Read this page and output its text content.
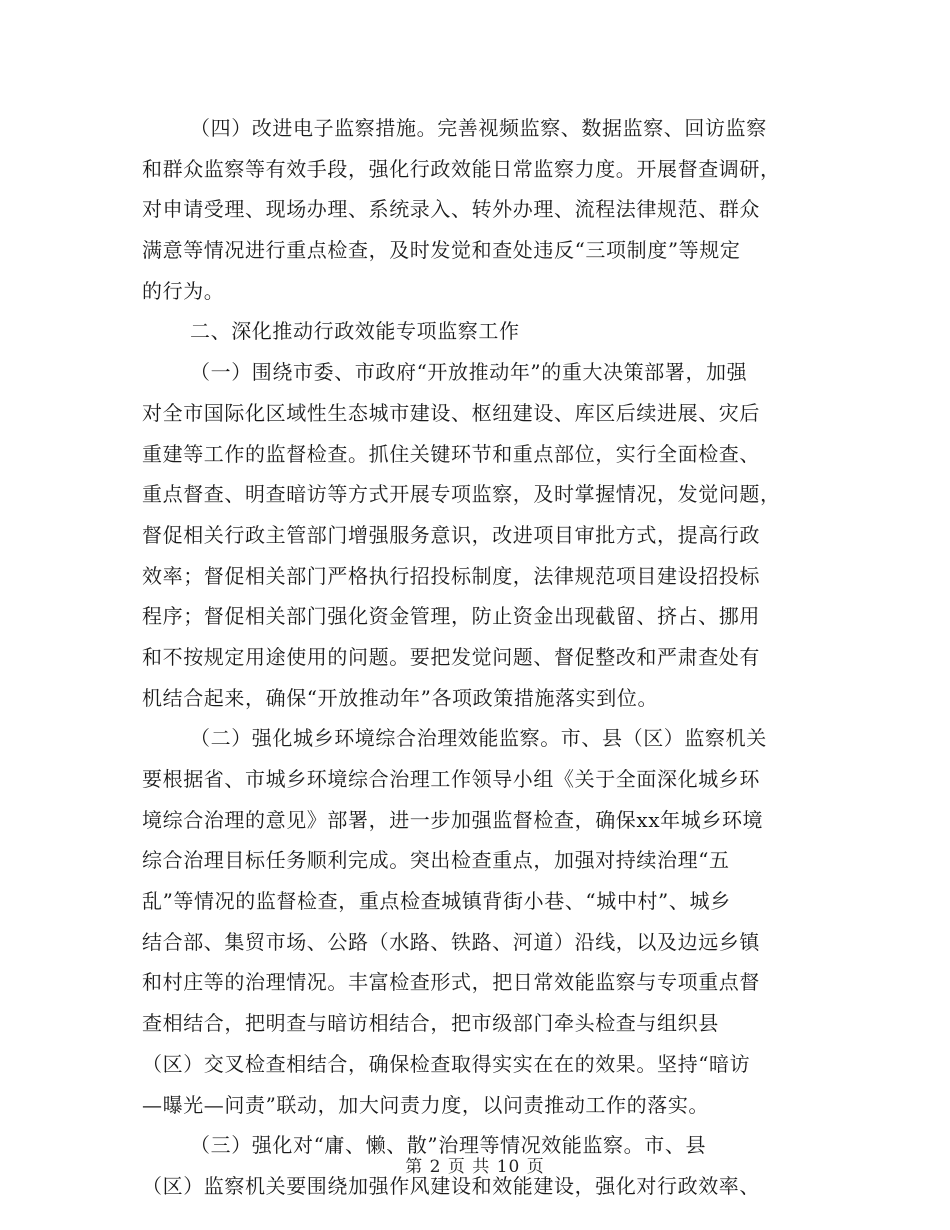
（四）改进电子监察措施。完善视频监察、数据监察、回访监察
和群众监察等有效手段，强化行政效能日常监察力度。开展督查调研，
对申请受理、现场办理、系统录入、转外办理、流程法律规范、群众
满意等情况进行重点检查，及时发觉和查处违反“三项制度”等规定
的行为。
二、深化推动行政效能专项监察工作
（一）围绕市委、市政府“开放推动年”的重大决策部署，加强
对全市国际化区域性生态城市建设、枢纽建设、库区后续进展、灾后
重建等工作的监督检查。抓住关键环节和重点部位，实行全面检查、
重点督查、明查暗访等方式开展专项监察，及时掌握情况，发觉问题，
督促相关行政主管部门增强服务意识，改进项目审批方式，提高行政
效率；督促相关部门严格执行招投标制度，法律规范项目建设招投标
程序；督促相关部门强化资金管理，防止资金出现截留、挤占、挪用
和不按规定用途使用的问题。要把发觉问题、督促整改和严肃查处有
机结合起来，确保“开放推动年”各项政策措施落实到位。
（二）强化城乡环境综合治理效能监察。市、县（区）监察机关
要根据省、市城乡环境综合治理工作领导小组《关于全面深化城乡环
境综合治理的意见》部署，进一步加强监督检查，确保xx年城乡环境
综合治理目标任务顺利完成。突出检查重点，加强对持续治理“五
乱”等情况的监督检查，重点检查城镇背街小巷、“城中村”、城乡
结合部、集贸市场、公路（水路、铁路、河道）沿线，以及边远乡镇
和村庄等的治理情况。丰富检查形式，把日常效能监察与专项重点督
查相结合，把明查与暗访相结合，把市级部门牵头检查与组织县
（区）交叉检查相结合，确保检查取得实实在在的效果。坚持“暗访
—曝光—问责”联动，加大问责力度，以问责推动工作的落实。
（三）强化对“庸、懒、散”治理等情况效能监察。市、县
（区）监察机关要围绕加强作风建设和效能建设，强化对行政效率、
第 2 页 共 10 页
